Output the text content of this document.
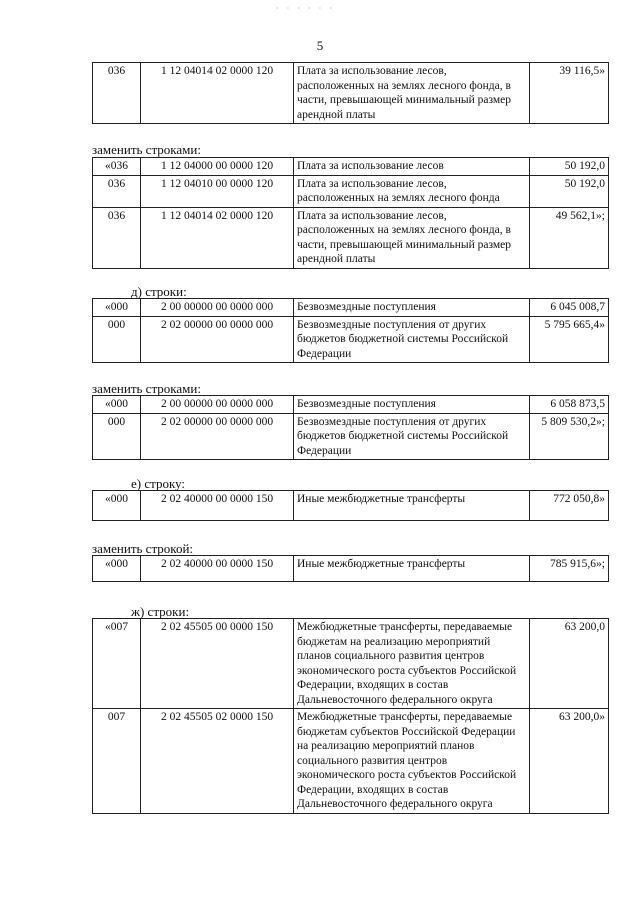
· · · · · ·
5
036	1 12 04014 02 0000 120	Плата за использование лесов, расположенных на землях лесного фонда, в части, превышающей минимальный размер арендной платы	39 116,5»
заменить строками:
«036	1 12 04000 00 0000 120	Плата за использование лесов	50 192,0
036	1 12 04010 00 0000 120	Плата за использование лесов, расположенных на землях лесного фонда	50 192,0
036	1 12 04014 02 0000 120	Плата за использование лесов, расположенных на землях лесного фонда, в части, превышающей минимальный размер арендной платы	49 562,1»;
д) строки:
«000	2 00 00000 00 0000 000	Безвозмездные поступления	6 045 008,7
000	2 02 00000 00 0000 000	Безвозмездные поступления от других бюджетов бюджетной системы Российской Федерации	5 795 665,4»
заменить строками:
«000	2 00 00000 00 0000 000	Безвозмездные поступления	6 058 873,5
000	2 02 00000 00 0000 000	Безвозмездные поступления от других бюджетов бюджетной системы Российской Федерации	5 809 530,2»;
е) строку:
«000	2 02 40000 00 0000 150	Иные межбюджетные трансферты	772 050,8»
заменить строкой:
«000	2 02 40000 00 0000 150	Иные межбюджетные трансферты	785 915,6»;
ж) строки:
«007	2 02 45505 00 0000 150	Межбюджетные трансферты, передаваемые бюджетам на реализацию мероприятий планов социального развития центров экономического роста субъектов Российской Федерации, входящих в состав Дальневосточного федерального округа	63 200,0
007	2 02 45505 02 0000 150	Межбюджетные трансферты, передаваемые бюджетам субъектов Российской Федерации на реализацию мероприятий планов социального развития центров экономического роста субъектов Российской Федерации, входящих в состав Дальневосточного федерального округа	63 200,0»
